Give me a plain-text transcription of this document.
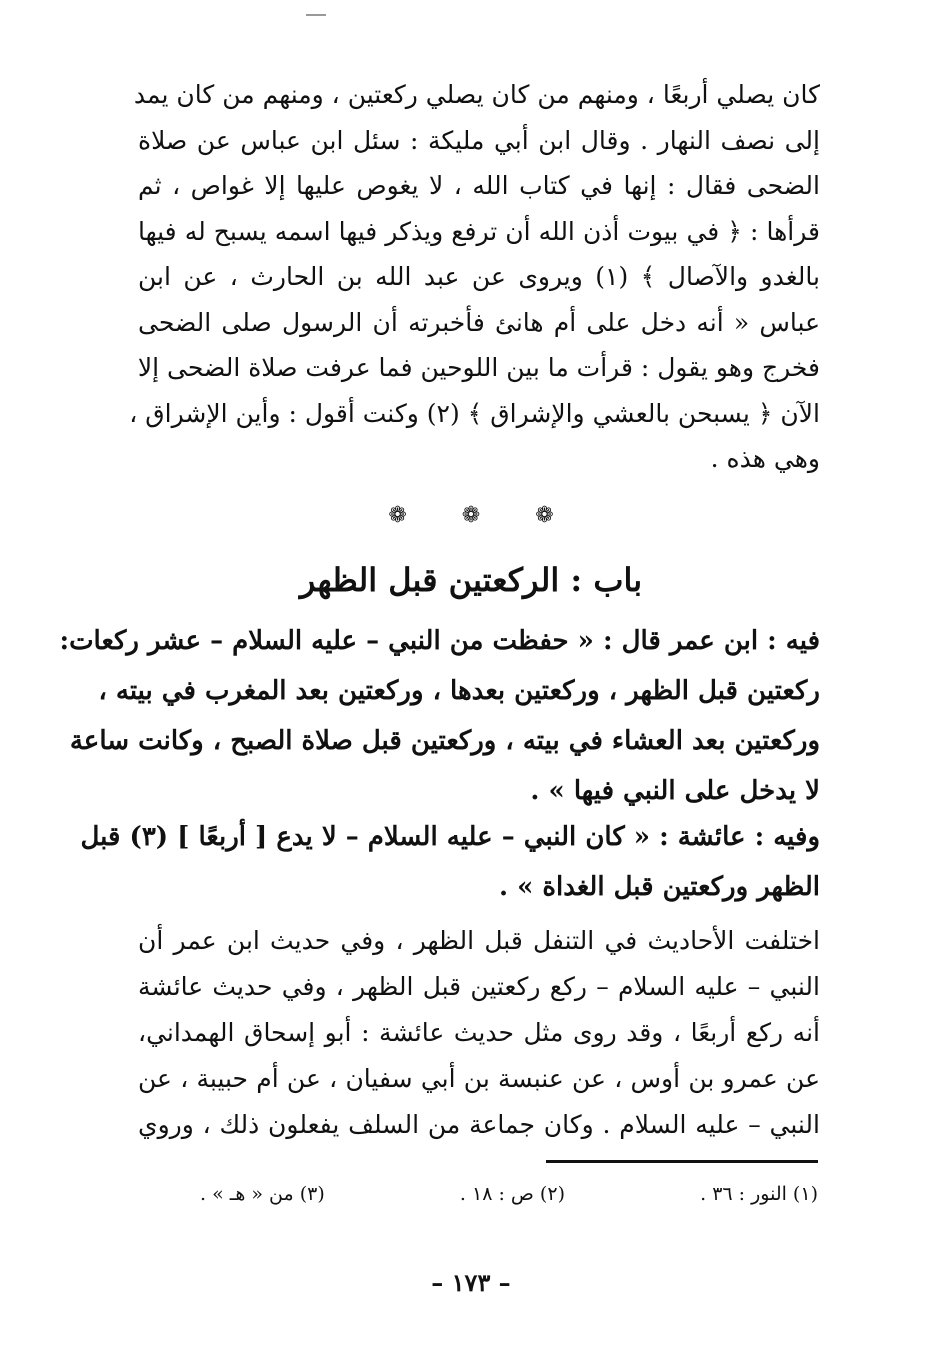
كان يصلي أربعًا ، ومنهم من كان يصلي ركعتين ، ومنهم من كان يمد
إلى نصف النهار . وقال ابن أبي مليكة : سئل ابن عباس عن صلاة
الضحى فقال : إنها في كتاب الله ، لا يغوص عليها إلا غواص ، ثم
قرأها : ﴿ في بيوت أذن الله أن ترفع ويذكر فيها اسمه يسبح له فيها
بالغدو والآصال ﴾ (١) ويروى عن عبد الله بن الحارث ، عن ابن
عباس « أنه دخل على أم هانئ فأخبرته أن الرسول صلى الضحى
فخرج وهو يقول : قرأت ما بين اللوحين فما عرفت صلاة الضحى إلا
الآن ﴿ يسبحن بالعشي والإشراق ﴾ (٢) وكنت أقول : وأين الإشراق ،
وهي هذه .
❁	❁	❁
باب : الركعتين قبل الظهر
فيه : ابن عمر قال : « حفظت من النبي – عليه السلام – عشر ركعات:
ركعتين قبل الظهر ، وركعتين بعدها ، وركعتين بعد المغرب في بيته ،
وركعتين بعد العشاء في بيته ، وركعتين قبل صلاة الصبح ، وكانت ساعة
لا يدخل على النبي فيها » .
وفيه : عائشة : « كان النبي – عليه السلام – لا يدع [ أربعًا ] (٣) قبل
الظهر وركعتين قبل الغداة » .
اختلفت الأحاديث في التنفل قبل الظهر ، وفي حديث ابن عمر أن
النبي – عليه السلام – ركع ركعتين قبل الظهر ، وفي حديث عائشة
أنه ركع أربعًا ، وقد روى مثل حديث عائشة : أبو إسحاق الهمداني،
عن عمرو بن أوس ، عن عنبسة بن أبي سفيان ، عن أم حبيبة ، عن
النبي – عليه السلام . وكان جماعة من السلف يفعلون ذلك ، وروي
(١) النور : ٣٦ .
(٢) ص : ١٨ .
(٣) من « هـ » .
– ١٧٣ –
